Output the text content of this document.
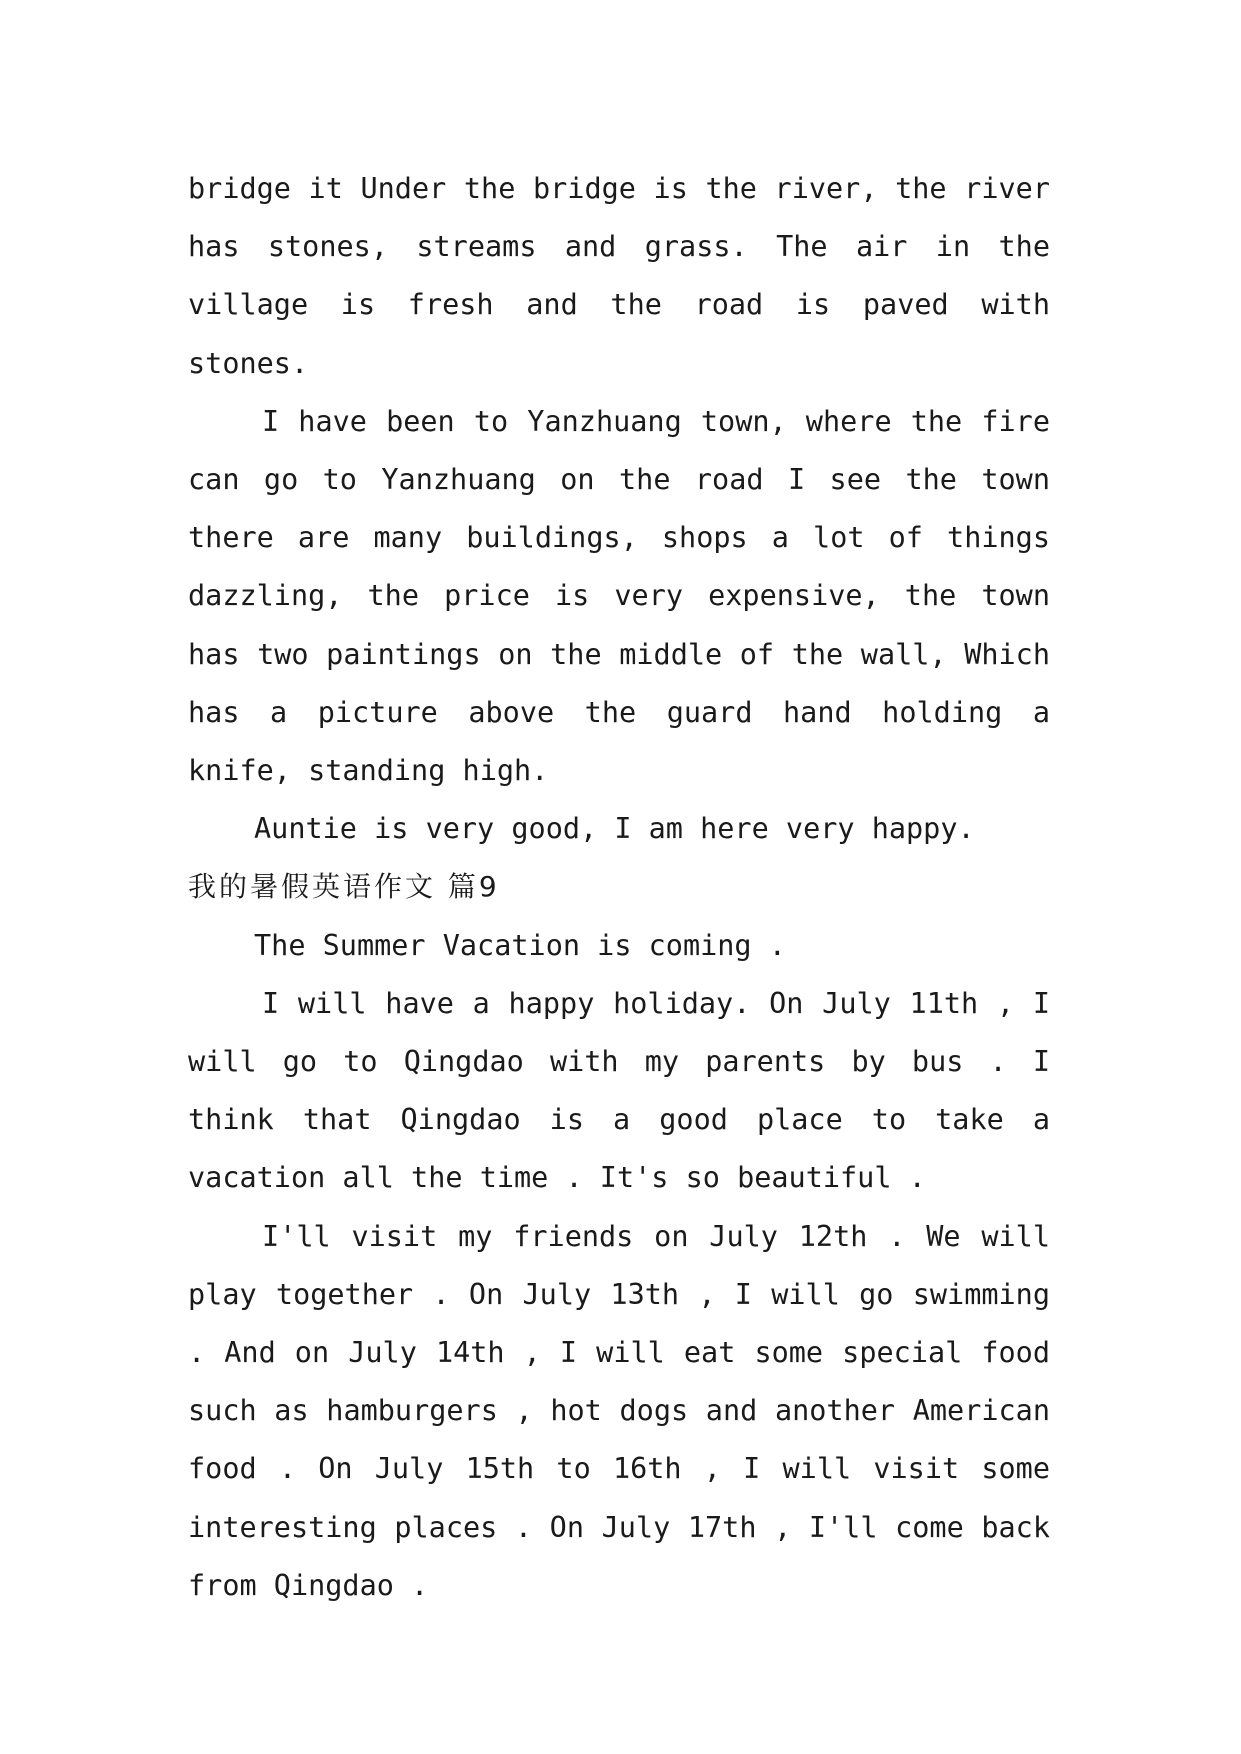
bridge it Under the bridge is the river, the river has stones, streams and grass. The air in the village is fresh and the road is paved with stones.

I have been to Yanzhuang town, where the fire can go to Yanzhuang on the road I see the town there are many buildings, shops a lot of things dazzling, the price is very expensive, the town has two paintings on the middle of the wall, Which has a picture above the guard hand holding a knife, standing high.

Auntie is very good, I am here very happy.

我的暑假英语作文 篇9

The Summer Vacation is coming .

I will have a happy holiday. On July 11th , I will go to Qingdao with my parents by bus . I think that Qingdao is a good place to take a vacation all the time . It's so beautiful .

I'll visit my friends on July 12th . We will play together . On July 13th , I will go swimming . And on July 14th , I will eat some special food such as hamburgers , hot dogs and another American food . On July 15th to 16th , I will visit some interesting places . On July 17th , I'll come back from Qingdao .
